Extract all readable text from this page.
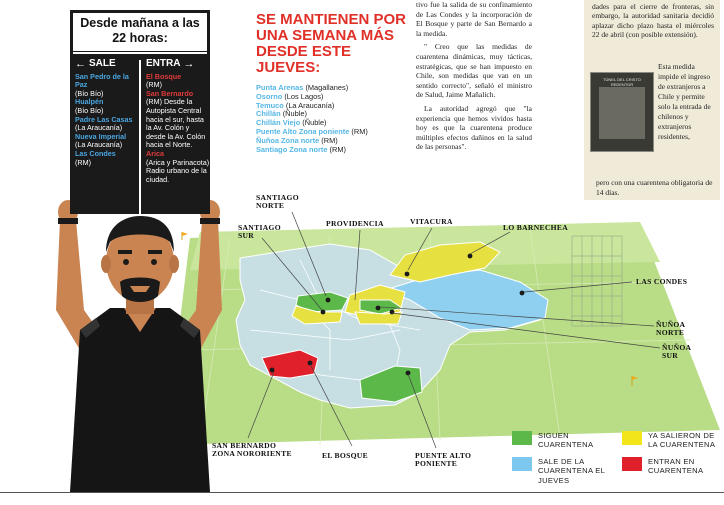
Desde mañana a las 22 horas:
← SALE
San Pedro de la Paz
(Bío Bío)
Hualpén
(Bío Bío)
Padre Las Casas
(La Araucanía)
Nueva Imperial
(La Araucanía)
Las Condes
(RM)
ENTRA →
El Bosque
(RM)
San Bernardo
(RM) Desde la Autopista Central hacia el sur, hasta la Av. Colón y desde la Av. Colón hacia el Norte.
Arica
(Arica y Parinacota) Radio urbano de la ciudad.
SE MANTIENEN POR UNA SEMANA MÁS DESDE ESTE JUEVES:
Punta Arenas (Magallanes)
Osorno (Los Lagos)
Temuco (La Araucanía)
Chillán (Ñuble)
Chillán Viejo (Ñuble)
Puente Alto Zona poniente (RM)
Ñuñoa Zona norte (RM)
Santiago Zona norte (RM)

tivo fue la salida de su confinamiento de Las Condes y la incorporación de El Bosque y parte de San Bernardo a la medida.

" Creo que las medidas de cuarentena dinámicas, muy tácticas, estratégicas, que se han impuesto en Chile, son medidas que van en un sentido correcto", señaló el ministro de Salud, Jaime Mañalich.

La autoridad agregó que "la experiencia que hemos vividos hasta hoy es que la cuarentena produce múltiples efectos dañinos en la salud de las personas".

dades para el cierre de fronteras, sin embargo, la autoridad sanitaria decidió aplazar dicho plazo hasta el miércoles 22 de abril (con posible extensión).
TÚNEL DEL CRISTO REDENTOR
Esta medida impide el ingreso de extranjeros a Chile y permite solo la entrada de chilenos y extranjeros residentes,
pero con una cuarentena obligatoria de 14 días.
SANTIAGO NORTE
SANTIAGO SUR
PROVIDENCIA	VITACURA
LO BARNECHEA
LAS CONDES
ÑUÑOA NORTE
ÑUÑOA SUR
SAN BERNARDO ZONA NORORIENTE	EL BOSQUE	PUENTE ALTO PONIENTE
SIGUEN CUARENTENA
YA SALIERON DE LA CUARENTENA
SALE DE LA CUARENTENA EL JUEVES
ENTRAN EN CUARENTENA
